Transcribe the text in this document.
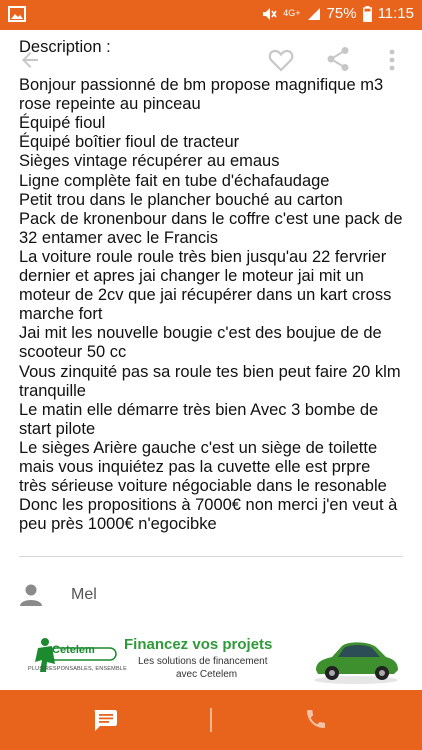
4G+ 75% 11:15
Description :
Bonjour passionné de bm propose magnifique m3
rose repeinte au pinceau
Équipé fioul
Équipé boîtier fioul de tracteur
Sièges vintage récupérer au emaus
Ligne complète fait en tube d'échafaudage
Petit trou dans le plancher bouché au carton
Pack de kronenbour dans le coffre c'est une pack de
32 entamer avec le Francis
La voiture roule roule très bien jusqu'au 22 fervrier
dernier et apres jai changer le moteur jai mit un
moteur de 2cv que jai récupérer dans un kart cross
marche fort
Jai mit les nouvelle bougie c'est des boujue de de
scooteur 50 cc
Vous zinquité pas sa roule tes bien peut faire 20 klm
tranquille
Le matin elle démarre très bien Avec 3 bombe de
start pilote
Le sièges Arière gauche c'est un siège de toilette
mais vous inquiétez pas la cuvette elle est prpre
très sérieuse voiture négociable dans le resonable
Donc les propositions à 7000€ non merci j'en veut à
peu près 1000€ n'egocibke
Mel
Cetelem
PLUS RESPONSABLES, ENSEMBLE
Financez vos projets
Les solutions de financement
avec Cetelem
